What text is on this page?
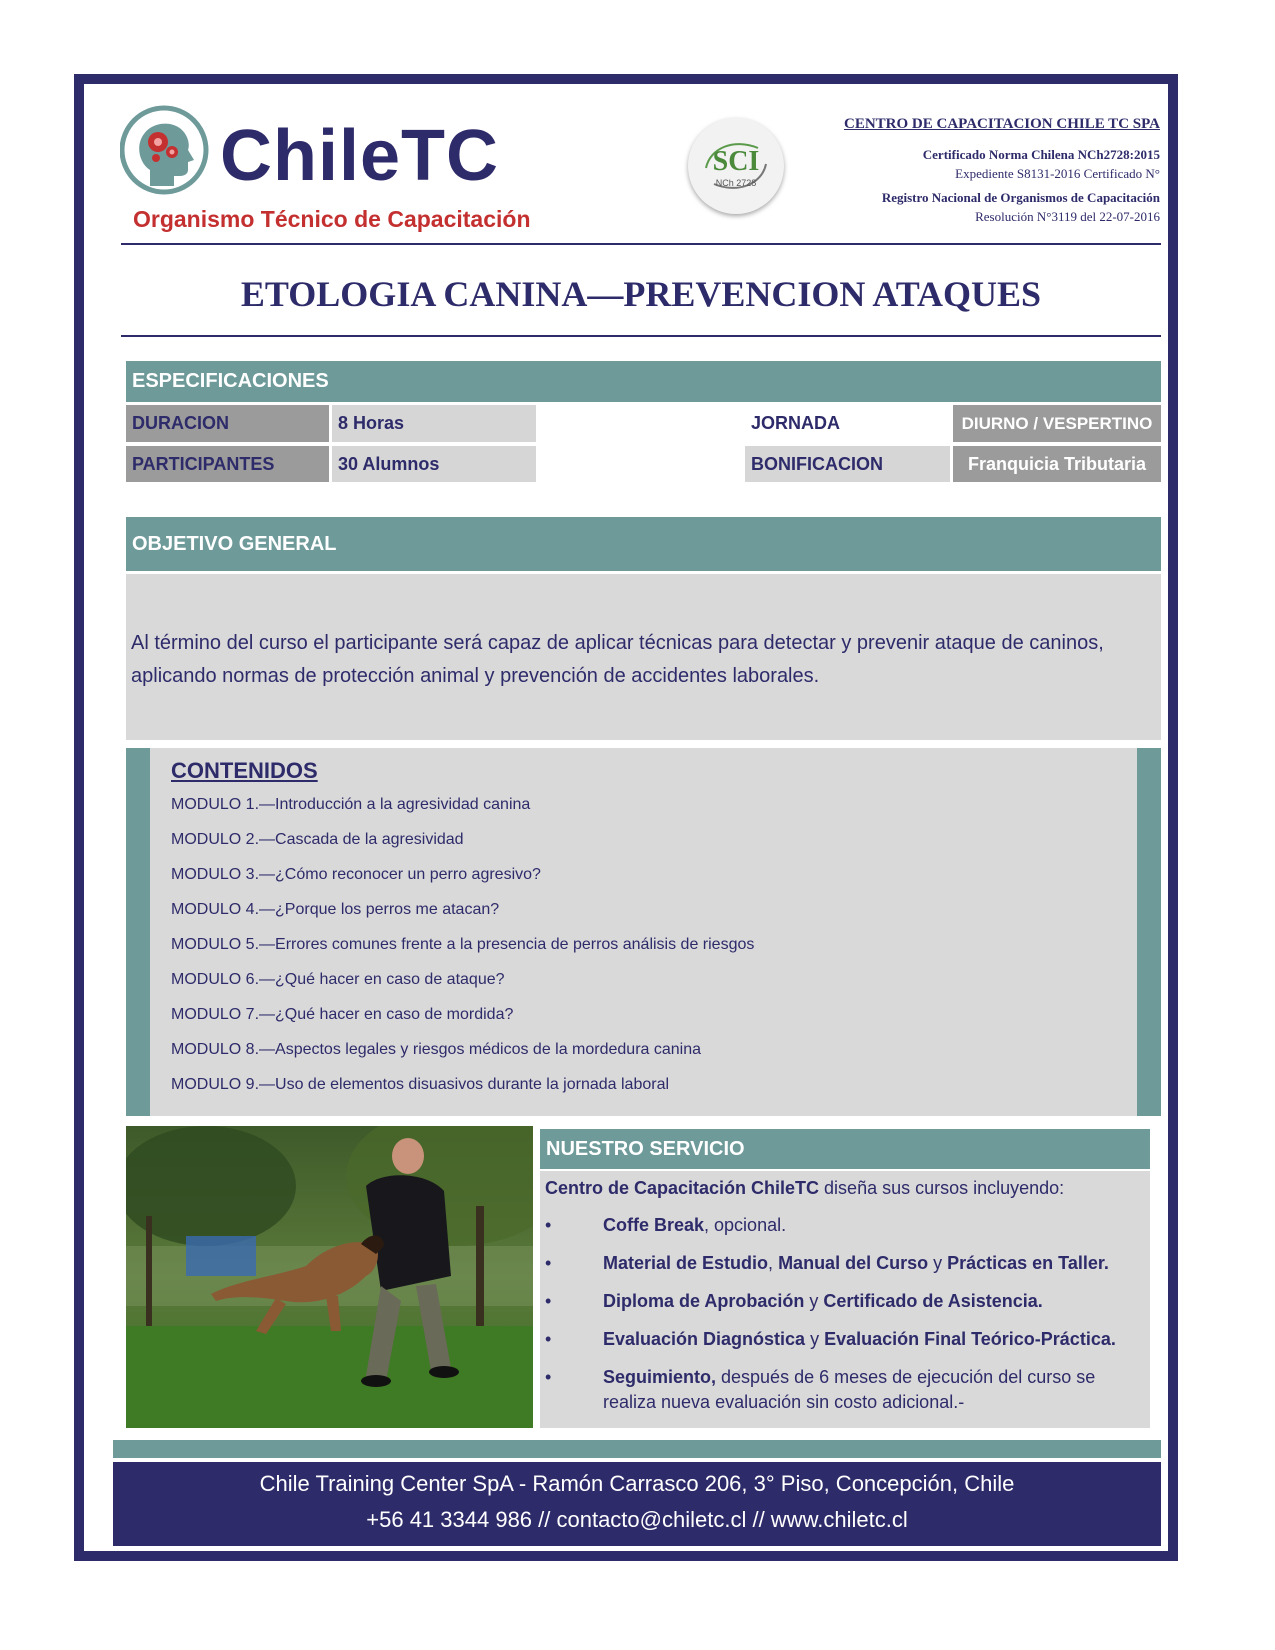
ChileTC
Organismo Técnico de Capacitación
SCI
NCh 2728
CENTRO DE CAPACITACION CHILE TC SPA
Certificado Norma Chilena NCh2728:2015
Expediente S8131-2016 Certificado N°
Registro Nacional de Organismos de Capacitación
Resolución N°3119 del 22-07-2016
ETOLOGIA CANINA—PREVENCION ATAQUES
ESPECIFICACIONES
DURACION	8 Horas	JORNADA	DIURNO / VESPERTINO
PARTICIPANTES	30 Alumnos	BONIFICACION	Franquicia Tributaria
OBJETIVO GENERAL
Al término del curso el participante será capaz de aplicar técnicas para detectar y prevenir ataque de caninos,
aplicando normas de protección animal y prevención de accidentes laborales.
CONTENIDOS
MODULO 1.—Introducción a la agresividad canina
MODULO 2.—Cascada de la agresividad
MODULO 3.—¿Cómo reconocer un perro agresivo?
MODULO 4.—¿Porque los perros me atacan?
MODULO 5.—Errores comunes frente a la presencia de perros análisis de riesgos
MODULO 6.—¿Qué hacer en caso de ataque?
MODULO 7.—¿Qué hacer en caso de mordida?
MODULO 8.—Aspectos legales y riesgos médicos de la mordedura canina
MODULO 9.—Uso de elementos disuasivos durante la jornada laboral
NUESTRO SERVICIO
Centro de Capacitación ChileTC diseña sus cursos incluyendo:
•	Coffe Break, opcional.
•	Material de Estudio, Manual del Curso y Prácticas en Taller.
•	Diploma de Aprobación y Certificado de Asistencia.
•	Evaluación Diagnóstica y Evaluación Final Teórico-Práctica.
•	Seguimiento, después de 6 meses de ejecución del curso se realiza nueva evaluación sin costo adicional.-
Chile Training Center SpA - Ramón Carrasco 206, 3° Piso, Concepción, Chile
+56 41 3344 986 // contacto@chiletc.cl // www.chiletc.cl
